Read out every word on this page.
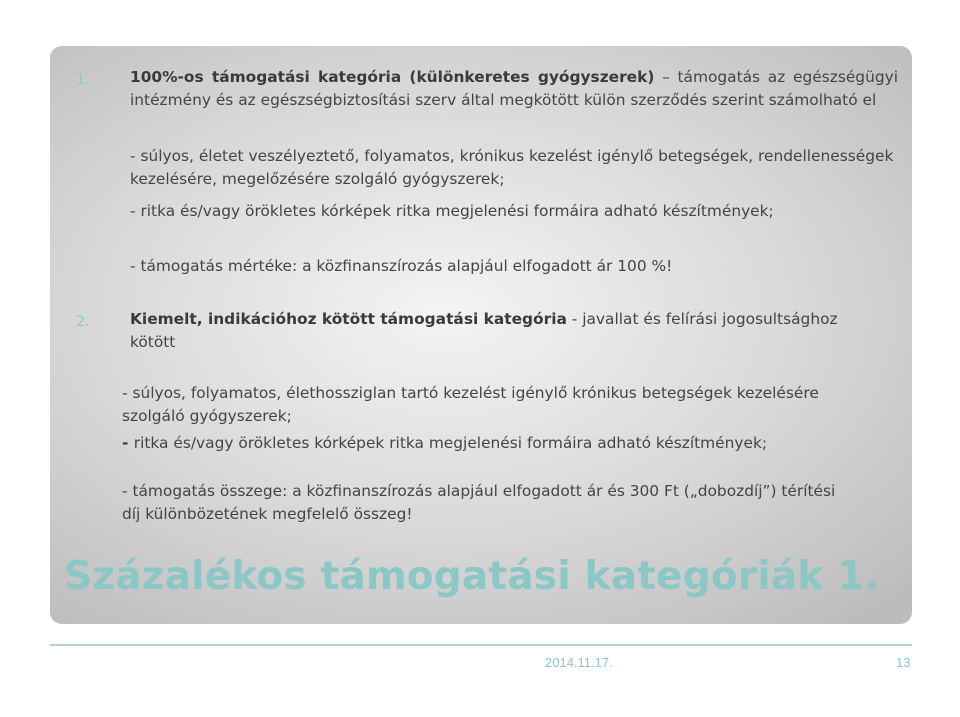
1.	100%-os támogatási kategória (különkeretes gyógyszerek) – támogatás az egészségügyi intézmény és az egészségbiztosítási szerv által megkötött külön szerződés szerint számolható el

- súlyos, életet veszélyeztető, folyamatos, krónikus kezelést igénylő betegségek, rendellenességek kezelésére, megelőzésére szolgáló gyógyszerek;

- ritka és/vagy örökletes kórképek ritka megjelenési formáira adható készítmények;

- támogatás mértéke: a közfinanszírozás alapjául elfogadott ár 100 %!

2.	Kiemelt, indikációhoz kötött támogatási kategória - javallat és felírási jogosultsághoz kötött

- súlyos, folyamatos, élethossziglan tartó kezelést igénylő krónikus betegségek kezelésére szolgáló gyógyszerek;

- ritka és/vagy örökletes kórképek ritka megjelenési formáira adható készítmények;

- támogatás összege: a közfinanszírozás alapjául elfogadott ár és 300 Ft („dobozdíj”) térítési díj különbözetének megfelelő összeg!

Százalékos támogatási kategóriák 1.
2014.11.17.	13
